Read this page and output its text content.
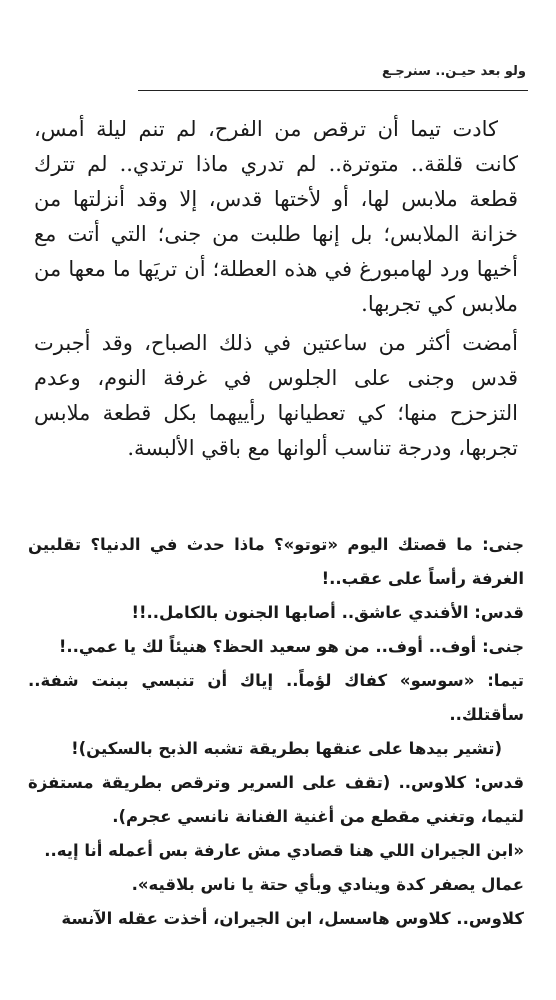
ولو بعد حيـن.. سنرجـع

كادت تيما أن ترقص من الفرح، لم تنم ليلة أمس، كانت قلقة.. متوترة.. لم تدري ماذا ترتدي.. لم تترك قطعة ملابس لها، أو لأختها قدس، إلا وقد أنزلتها من خزانة الملابس؛ بل إنها طلبت من جنى؛ التي أتت مع أخيها ورد لهامبورغ في هذه العطلة؛ أن تريَها ما معها من ملابس كي تجربها.

أمضت أكثر من ساعتين في ذلك الصباح، وقد أجبرت قدس وجنى على الجلوس في غرفة النوم، وعدم التزحزح منها؛ كي تعطيانها رأييهما بكل قطعة ملابس تجربها، ودرجة تناسب ألوانها مع باقي الألبسة.

جنى: ما قصتك اليوم «توتو»؟ ماذا حدث في الدنيا؟ تقلبين الغرفة رأساً على عقب..!

قدس: الأفندي عاشق.. أصابها الجنون بالكامل..!!

جنى: أوف.. أوف.. من هو سعيد الحظ؟ هنيئاً لك يا عمي..!

تيما: «سوسو» كفاك لؤماً.. إياك أن تنبسي ببنت شفة.. سأقتلك..

(تشير بيدها على عنقها بطريقة تشبه الذبح بالسكين)!

قدس: كلاوس.. (تقف على السرير وترقص بطريقة مستفزة لتيما، وتغني مقطع من أغنية الفنانة نانسي عجرم).

«ابن الجيران اللي هنا قصادي مش عارفة بس أعمله أنا إيه..

عمال يصفر كدة وينادي وبأي حتة يا ناس بلاقيه».

كلاوس.. كلاوس هاسسل، ابن الجيران، أخذت عقله الآنسة
